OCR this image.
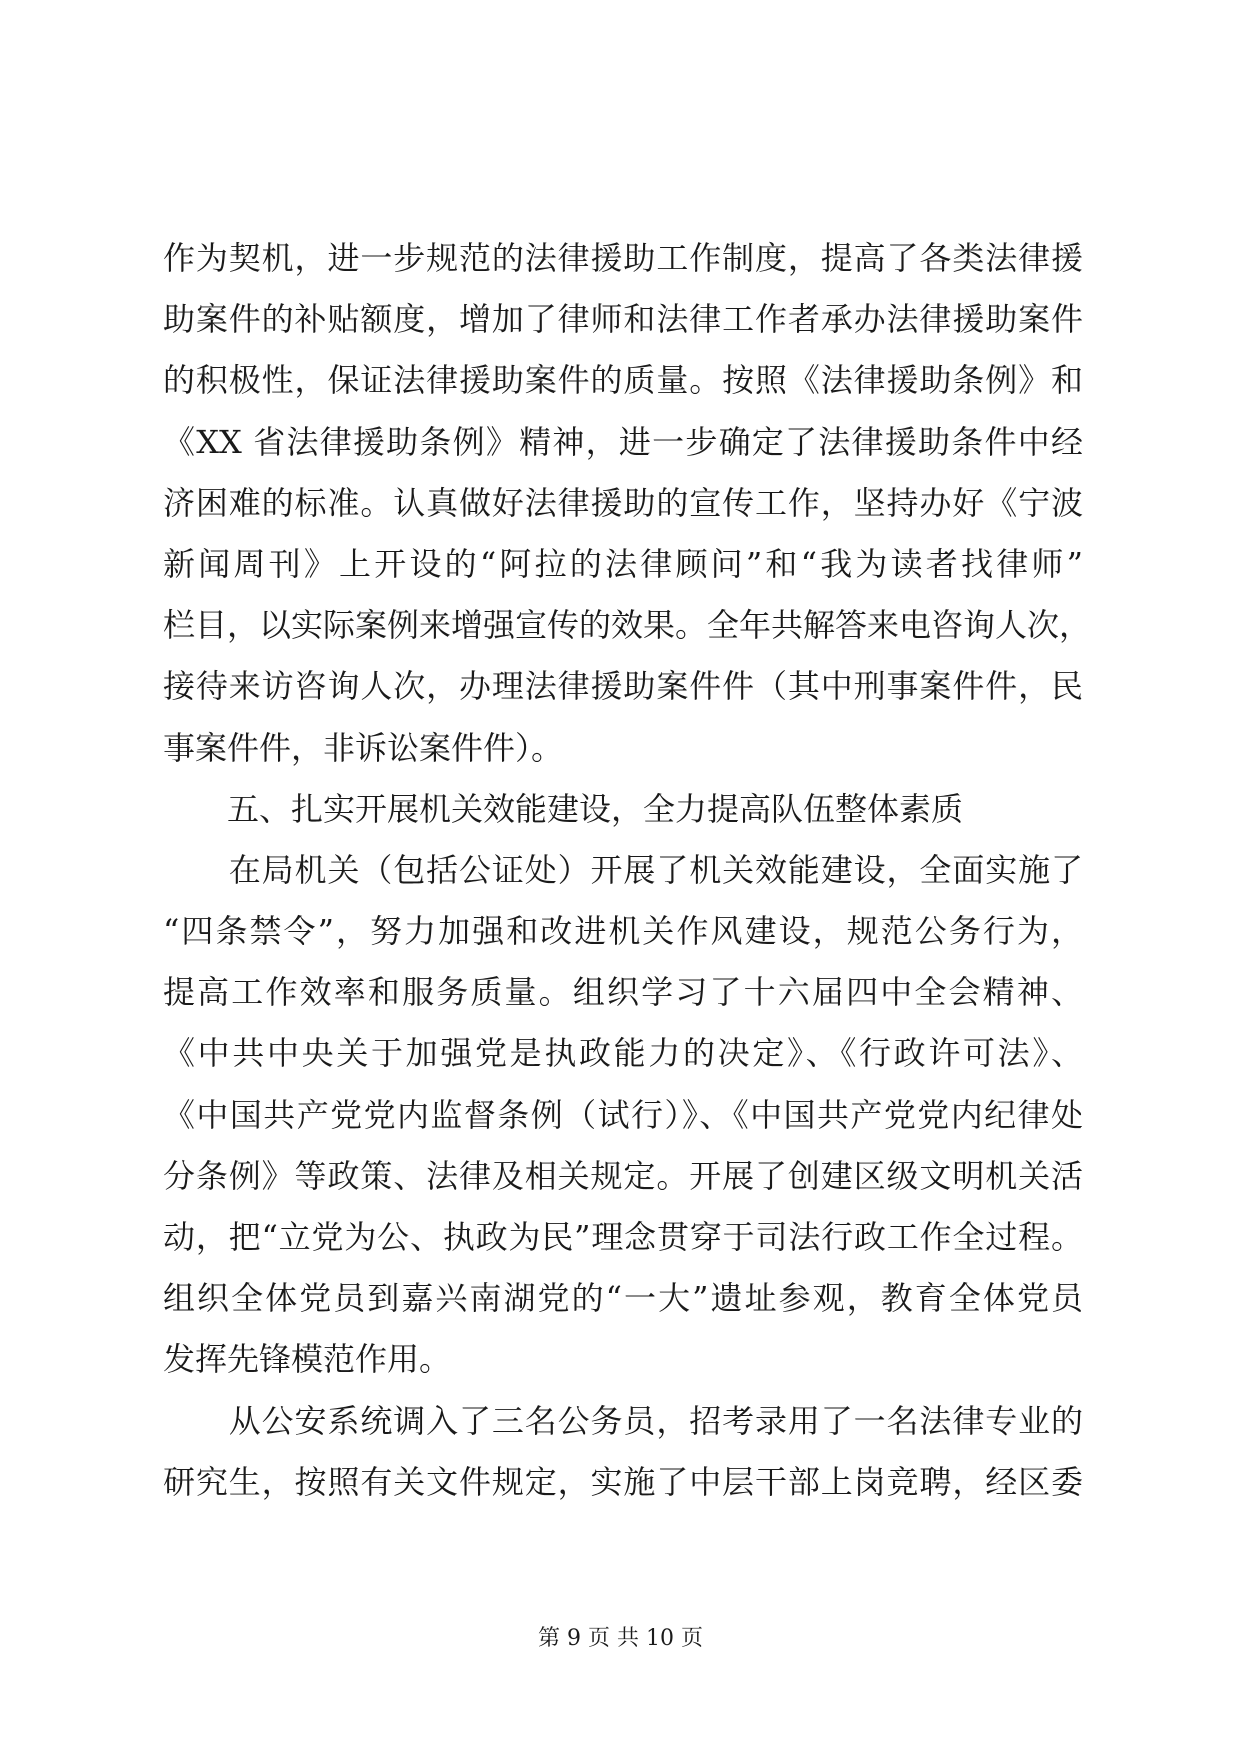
作为契机，进一步规范的法律援助工作制度，提高了各类法律援
助案件的补贴额度，增加了律师和法律工作者承办法律援助案件
的积极性，保证法律援助案件的质量。按照《法律援助条例》和
《XX 省法律援助条例》精神，进一步确定了法律援助条件中经
济困难的标准。认真做好法律援助的宣传工作，坚持办好《宁波
新闻周刊》上开设的“阿拉的法律顾问”和“我为读者找律师”
栏目，以实际案例来增强宣传的效果。全年共解答来电咨询人次，
接待来访咨询人次，办理法律援助案件件（其中刑事案件件，民
事案件件，非诉讼案件件）。
　　五、扎实开展机关效能建设，全力提高队伍整体素质
　　在局机关（包括公证处）开展了机关效能建设，全面实施了
“四条禁令”，努力加强和改进机关作风建设，规范公务行为，
提高工作效率和服务质量。组织学习了十六届四中全会精神、
《中共中央关于加强党是执政能力的决定》、《行政许可法》、
《中国共产党党内监督条例（试行）》、《中国共产党党内纪律处
分条例》等政策、法律及相关规定。开展了创建区级文明机关活
动，把“立党为公、执政为民”理念贯穿于司法行政工作全过程。
组织全体党员到嘉兴南湖党的“一大”遗址参观，教育全体党员
发挥先锋模范作用。
　　从公安系统调入了三名公务员，招考录用了一名法律专业的
研究生，按照有关文件规定，实施了中层干部上岗竞聘，经区委
第 9 页 共 10 页
